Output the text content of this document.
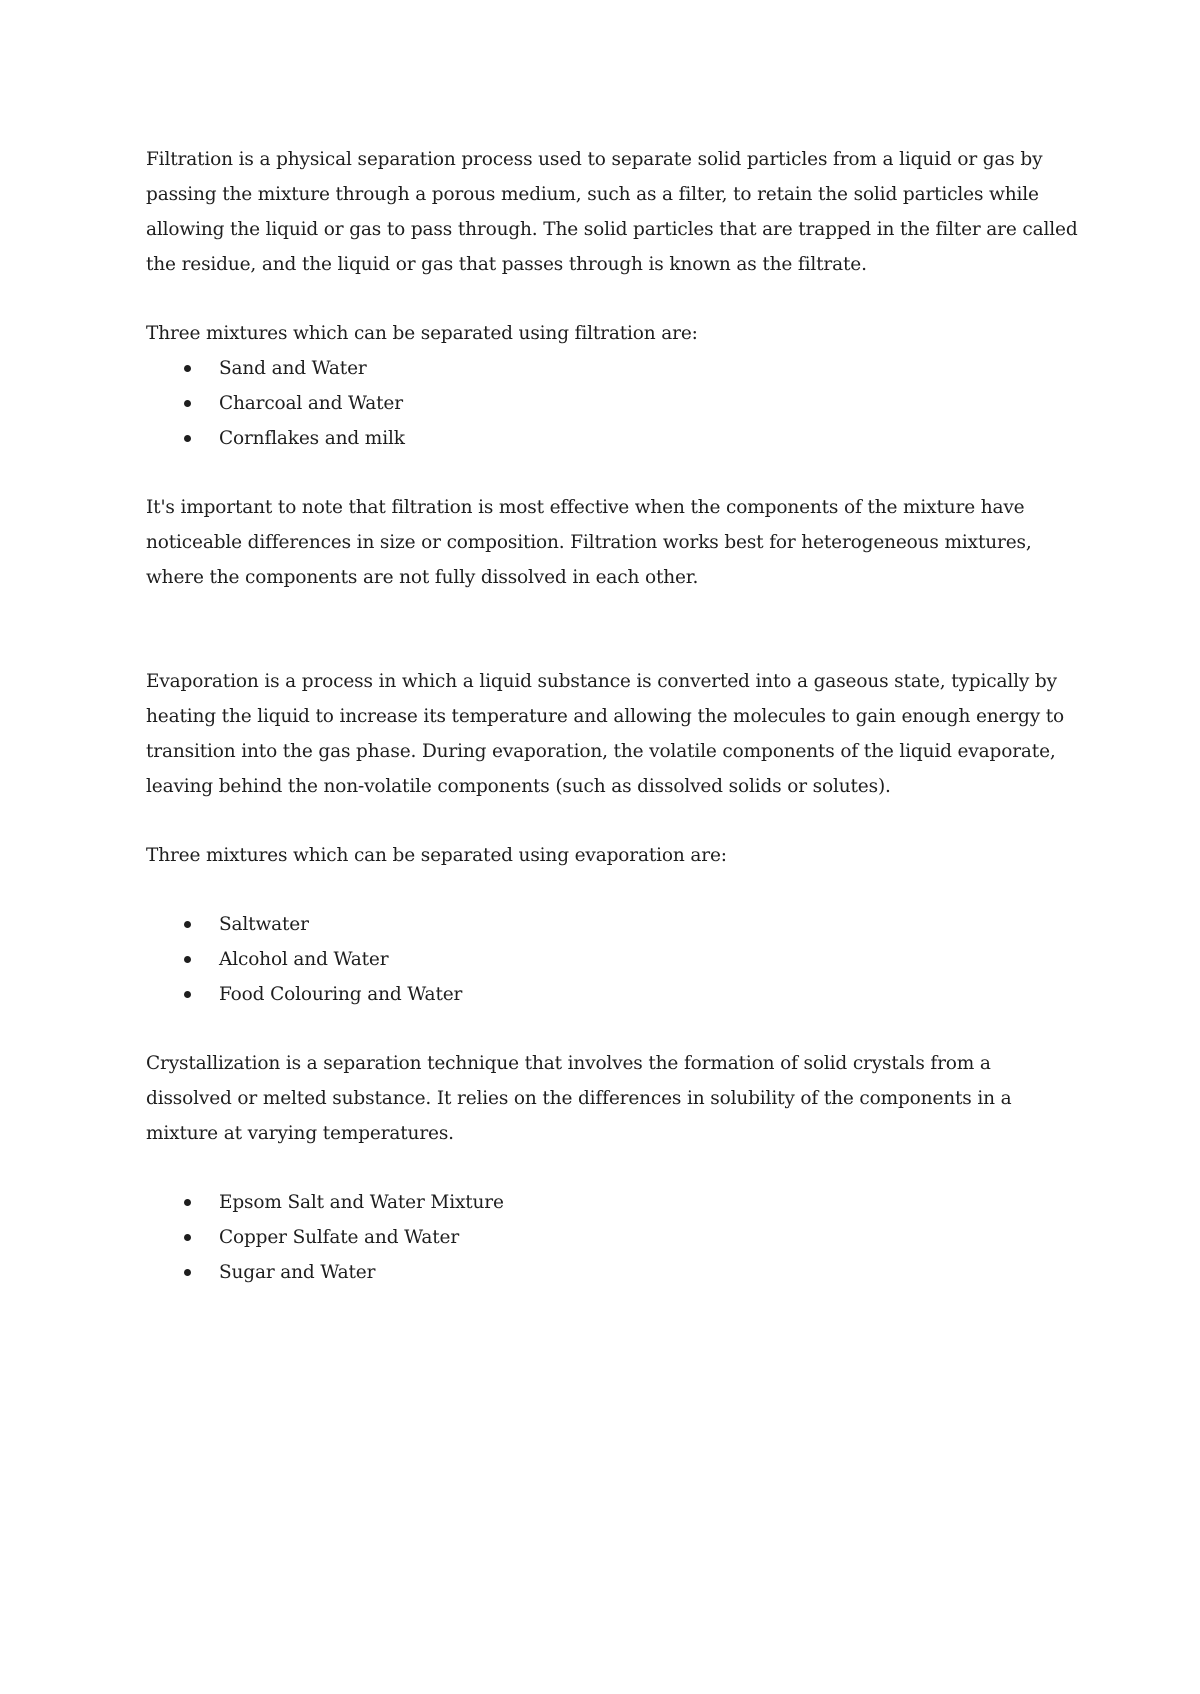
Filtration is a physical separation process used to separate solid particles from a liquid or gas by passing the mixture through a porous medium, such as a filter, to retain the solid particles while allowing the liquid or gas to pass through. The solid particles that are trapped in the filter are called the residue, and the liquid or gas that passes through is known as the filtrate.

Three mixtures which can be separated using filtration are:

Sand and Water
Charcoal and Water
Cornflakes and milk

It's important to note that filtration is most effective when the components of the mixture have noticeable differences in size or composition. Filtration works best for heterogeneous mixtures, where the components are not fully dissolved in each other.

Evaporation is a process in which a liquid substance is converted into a gaseous state, typically by heating the liquid to increase its temperature and allowing the molecules to gain enough energy to transition into the gas phase. During evaporation, the volatile components of the liquid evaporate, leaving behind the non-volatile components (such as dissolved solids or solutes).

Three mixtures which can be separated using evaporation are:

Saltwater
Alcohol and Water
Food Colouring and Water

Crystallization is a separation technique that involves the formation of solid crystals from a dissolved or melted substance. It relies on the differences in solubility of the components in a mixture at varying temperatures.

Epsom Salt and Water Mixture
Copper Sulfate and Water
Sugar and Water
